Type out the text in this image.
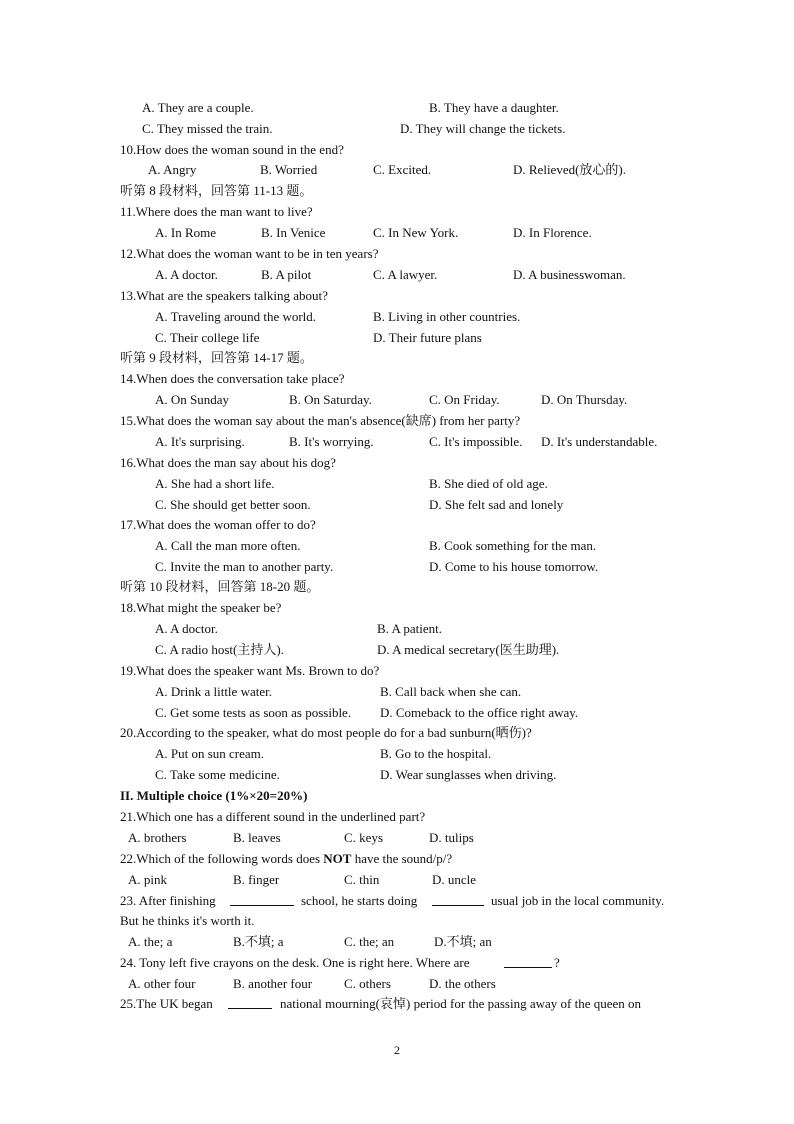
A. They are a couple.	B. They have a daughter.
C. They missed the train.	D. They will change the tickets.
10.How does the woman sound in the end?
A. Angry	B. Worried	C. Excited.	D. Relieved(放心的).
听第 8 段材料，回答第 11-13 题。
11.Where does the man want to live?
A. In Rome	B. In Venice	C. In New York.	D. In Florence.
12.What does the woman want to be in ten years?
A. A doctor.	B. A pilot	C. A lawyer.	D. A businesswoman.
13.What are the speakers talking about?
A. Traveling around the world.	B. Living in other countries.
C. Their college life	D. Their future plans
听第 9 段材料，回答第 14-17 题。
14.When does the conversation take place?
A. On Sunday	B. On Saturday.	C. On Friday.	D. On Thursday.
15.What does the woman say about the man's absence(缺席) from her party?
A. It's surprising.	B. It's worrying.	C. It's impossible. D. It's understandable.
16.What does the man say about his dog?
A. She had a short life.	B. She died of old age.
C. She should get better soon.	D. She felt sad and lonely
17.What does the woman offer to do?
A. Call the man more often.	B. Cook something for the man.
C. Invite the man to another party.	D. Come to his house tomorrow.
听第 10 段材料，回答第 18-20 题。
18.What might the speaker be?
A. A doctor.	B. A patient.
C. A radio host(主持人).	D. A medical secretary(医生助理).
19.What does the speaker want Ms. Brown to do?
A. Drink a little water.	B. Call back when she can.
C. Get some tests as soon as possible. D. Comeback to the office right away.
20.According to the speaker, what do most people do for a bad sunburn(晒伤)?
A. Put on sun cream.	B. Go to the hospital.
C. Take some medicine.	D. Wear sunglasses when driving.
II. Multiple choice (1%×20=20%)
21.Which one has a different sound in the underlined part?
A. brothers	B. leaves	C. keys	D. tulips
22.Which of the following words does NOT have the sound/p/?
A. pink	B. finger	C. thin	D. uncle
23. After finishing	school, he starts doing	usual job in the local community.
But he thinks it's worth it.
A. the; a	B.不填; a	C. the; an	D.不填; an
24. Tony left five crayons on the desk. One is right here. Where are	?
A. other four	B. another four C. others	D. the others
25.The UK began	national mourning(哀悼) period for the passing away of the queen on
2
